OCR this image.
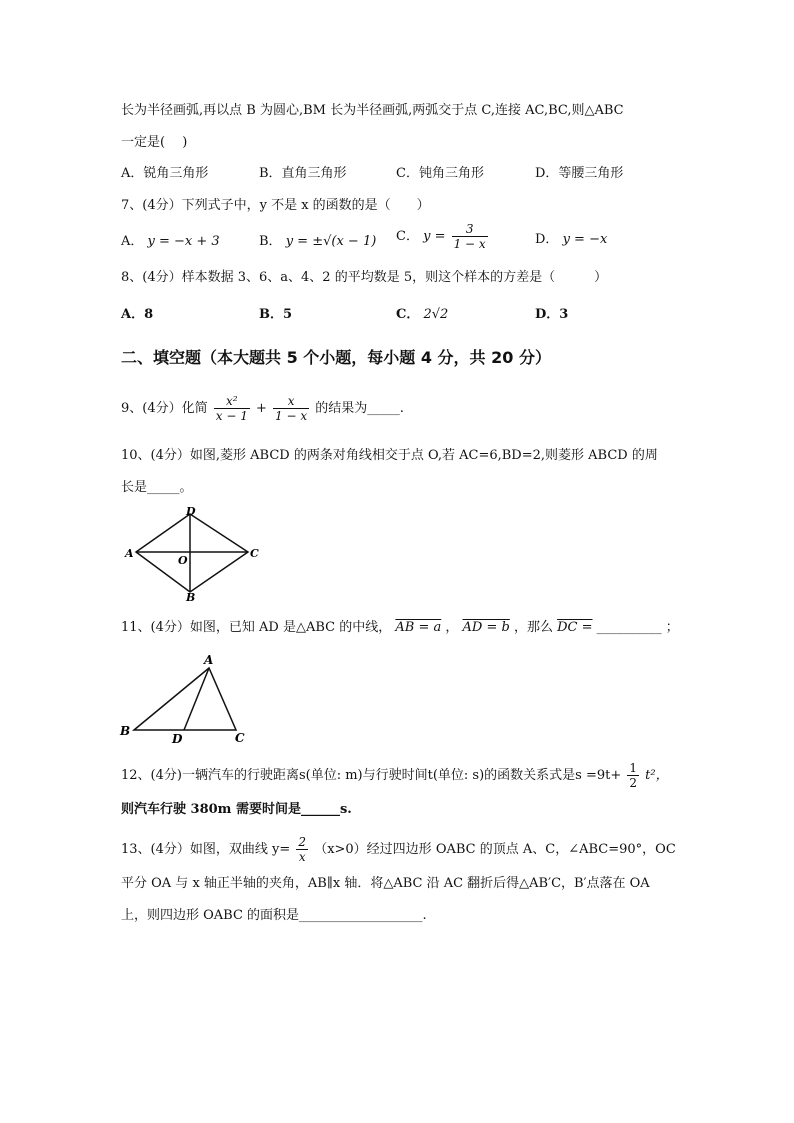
长为半径画弧,再以点 B 为圆心,BM 长为半径画弧,两弧交于点 C,连接 AC,BC,则△ABC
一定是(　 )
A．锐角三角形	B．直角三角形	C．钝角三角形	D．等腰三角形
7、(4分）下列式子中，y 不是 x 的函数的是（　　）
A． y = −x + 3	B． y = ±√(x − 1) C． $y = \frac{3}{1 - x}$	D． y = −x
8、(4分）样本数据 3、6、a、4、2 的平均数是 5，则这个样本的方差是（　　　）
A．8	B．5	C． 2√2	D．3
二、填空题（本大题共 5 个小题，每小题 4 分，共 20 分）
9、(4分）化简 $\frac{\text{x²}}{x - 1} + \frac{x}{1 - x}$ 的结果为_____.
10、(4分）如图,菱形 ABCD 的两条对角线相交于点 O,若 AC=6,BD=2,则菱形 ABCD 的周
长是_____。
A	C
D
B
O
11、(4分）如图，已知 AD 是△ABC 的中线， AB = a ， AD = b ，那么 DC = __________ ；
A
B
D	C
12、(4分)一辆汽车的行驶距离s(单位: m)与行驶时间t(单位: s)的函数关系式是$s =9t+ \frac{1}{2} t^2$，
则汽车行驶 380m 需要时间是______s.
13、(4分）如图，双曲线 $y= \frac{2}{x} (x>0)$经过四边形 OABC 的顶点 A、C，∠ABC=90°，OC
平分 OA 与 x 轴正半轴的夹角，AB∥x 轴．将△ABC 沿 AC 翻折后得△AB′C，B′点落在 OA
上，则四边形 OABC 的面积是___________________.
